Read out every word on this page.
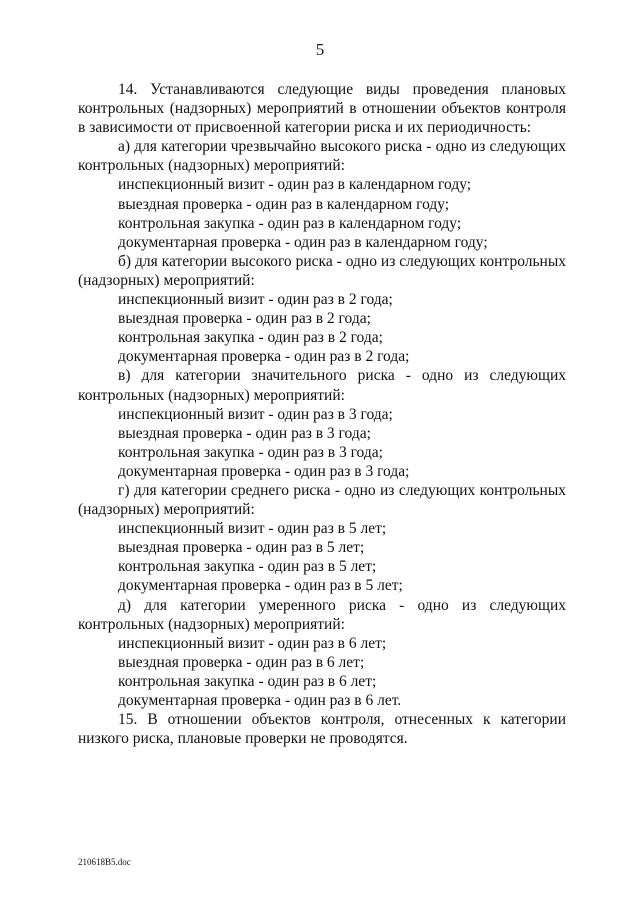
5

14. Устанавливаются следующие виды проведения плановых контрольных (надзорных) мероприятий в отношении объектов контроля в зависимости от присвоенной категории риска и их периодичность:

а) для категории чрезвычайно высокого риска - одно из следующих контрольных (надзорных) мероприятий:

инспекционный визит - один раз в календарном году;

выездная проверка - один раз в календарном году;

контрольная закупка - один раз в календарном году;

документарная проверка - один раз в календарном году;

б) для категории высокого риска - одно из следующих контрольных (надзорных) мероприятий:

инспекционный визит - один раз в 2 года;

выездная проверка - один раз в 2 года;

контрольная закупка - один раз в 2 года;

документарная проверка - один раз в 2 года;

в) для категории значительного риска - одно из следующих контрольных (надзорных) мероприятий:

инспекционный визит - один раз в 3 года;

выездная проверка - один раз в 3 года;

контрольная закупка - один раз в 3 года;

документарная проверка - один раз в 3 года;

г) для категории среднего риска - одно из следующих контрольных (надзорных) мероприятий:

инспекционный визит - один раз в 5 лет;

выездная проверка - один раз в 5 лет;

контрольная закупка - один раз в 5 лет;

документарная проверка - один раз в 5 лет;

д) для категории умеренного риска - одно из следующих контрольных (надзорных) мероприятий:

инспекционный визит - один раз в 6 лет;

выездная проверка - один раз в 6 лет;

контрольная закупка - один раз в 6 лет;

документарная проверка - один раз в 6 лет.

15. В отношении объектов контроля, отнесенных к категории низкого риска, плановые проверки не проводятся.

210618B5.doc
